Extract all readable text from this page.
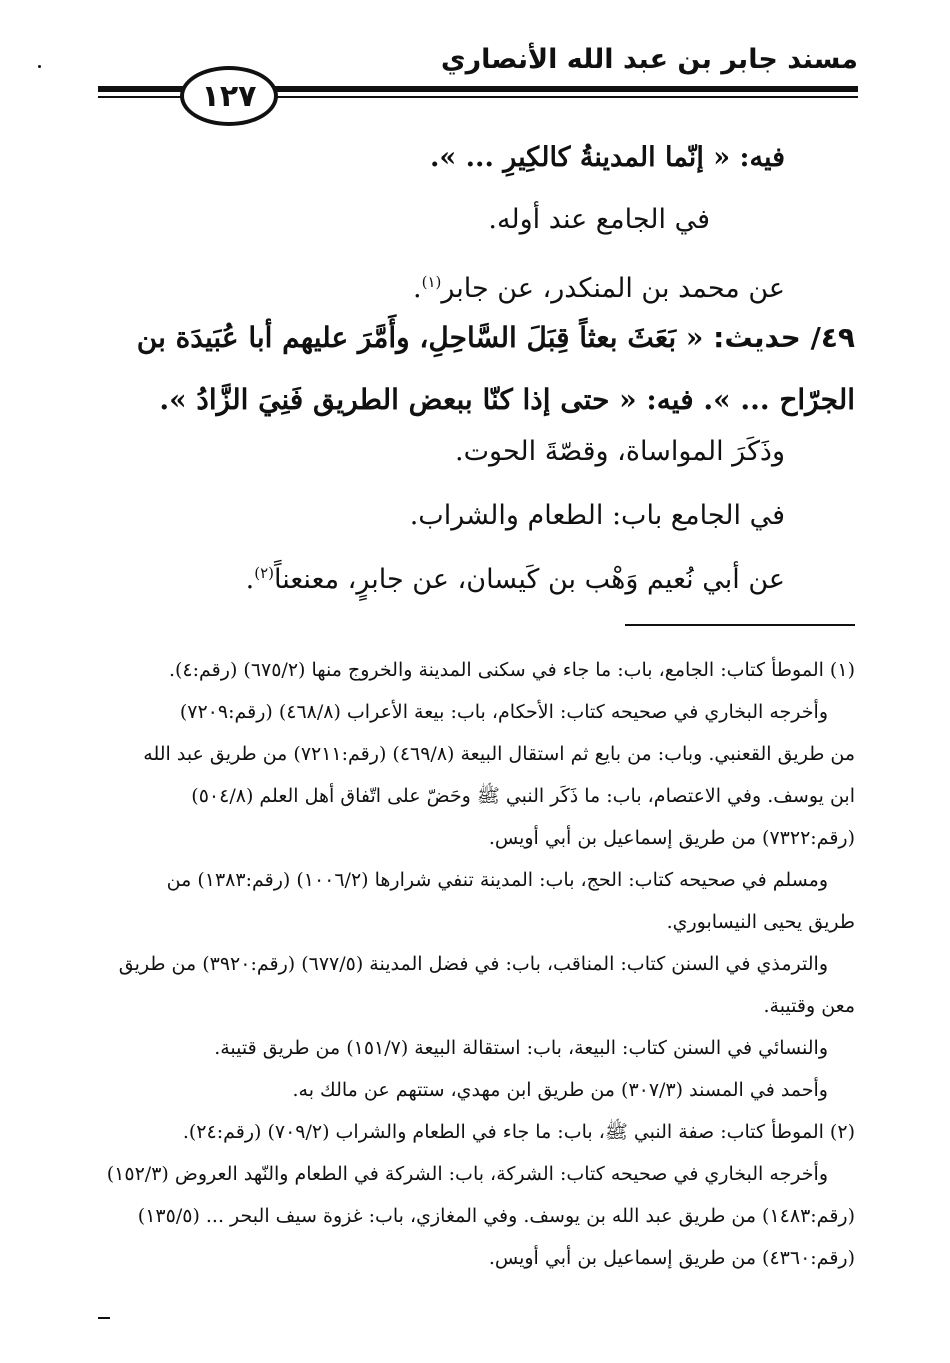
مسند جابر بن عبد الله الأنصاري
١٢٧
فيه: « إنّما المدينةُ كالكِيرِ ... ».
في الجامع عند أوله.
عن محمد بن المنكدر، عن جابر$^{(١)}$.
٤٩/ حديث: « بَعَثَ بعثاً قِبَلَ السَّاحِلِ، وأَمَّرَ عليهم أبا عُبَيدَة بن
الجرّاح ... ». فيه: « حتى إذا كنّا ببعض الطريق فَنِيَ الزَّادُ ».
وذَكَرَ المواساة، وقصّةَ الحوت.
في الجامع باب: الطعام والشراب.
عن أبي نُعيم وَهْب بن كَيسان، عن جابرٍ، معنعناً$^{(٢)}$.
(١) الموطأ كتاب: الجامع، باب: ما جاء في سكنى المدينة والخروج منها (٦٧٥/٢) (رقم:٤).
وأخرجه البخاري في صحيحه كتاب: الأحكام، باب: بيعة الأعراب (٤٦٨/٨) (رقم:٧٢٠٩)
من طريق القعنبي. وباب: من بايع ثم استقال البيعة (٤٦٩/٨) (رقم:٧٢١١) من طريق عبد الله
ابن يوسف. وفي الاعتصام، باب: ما ذَكَر النبي ﷺ وحَضّ على اتّفاق أهل العلم (٥٠٤/٨)
(رقم:٧٣٢٢) من طريق إسماعيل بن أبي أويس.
ومسلم في صحيحه كتاب: الحج، باب: المدينة تنفي شرارها (١٠٠٦/٢) (رقم:١٣٨٣) من
طريق يحيى النيسابوري.
والترمذي في السنن كتاب: المناقب، باب: في فضل المدينة (٦٧٧/٥) (رقم:٣٩٢٠) من طريق
معن وقتيبة.
والنسائي في السنن كتاب: البيعة، باب: استقالة البيعة (١٥١/٧) من طريق قتيبة.
وأحمد في المسند (٣٠٧/٣) من طريق ابن مهدي، ستتهم عن مالك به.
(٢) الموطأ كتاب: صفة النبي ﷺ، باب: ما جاء في الطعام والشراب (٧٠٩/٢) (رقم:٢٤).
وأخرجه البخاري في صحيحه كتاب: الشركة، باب: الشركة في الطعام والنّهد العروض (١٥٢/٣)
(رقم:١٤٨٣) من طريق عبد الله بن يوسف. وفي المغازي، باب: غزوة سيف البحر ... (١٣٥/٥)
(رقم:٤٣٦٠) من طريق إسماعيل بن أبي أويس.
